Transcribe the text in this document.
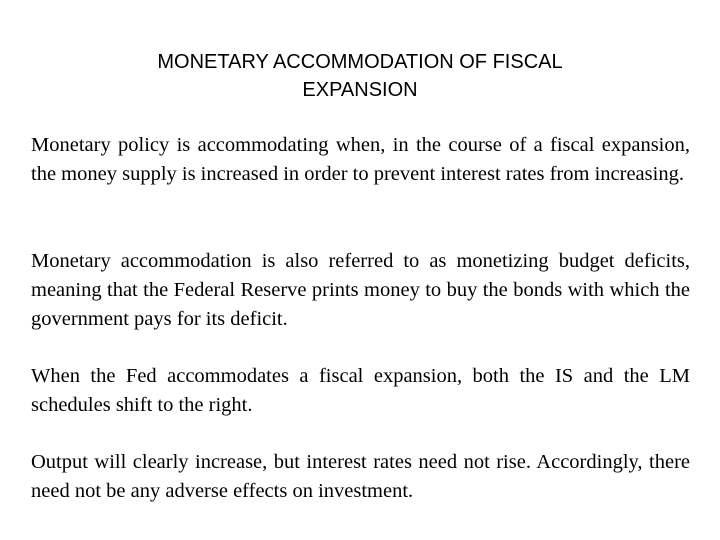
MONETARY ACCOMMODATION OF FISCAL
EXPANSION

Monetary policy is accommodating when, in the course of a fiscal expansion, the money supply is increased in order to prevent interest rates from increasing.

Monetary accommodation is also referred to as monetizing budget deficits, meaning that the Federal Reserve prints money to buy the bonds with which the government pays for its deficit.

When the Fed accommodates a fiscal expansion, both the IS and the LM schedules shift to the right.

Output will clearly increase, but interest rates need not rise. Accordingly, there need not be any adverse effects on investment.
